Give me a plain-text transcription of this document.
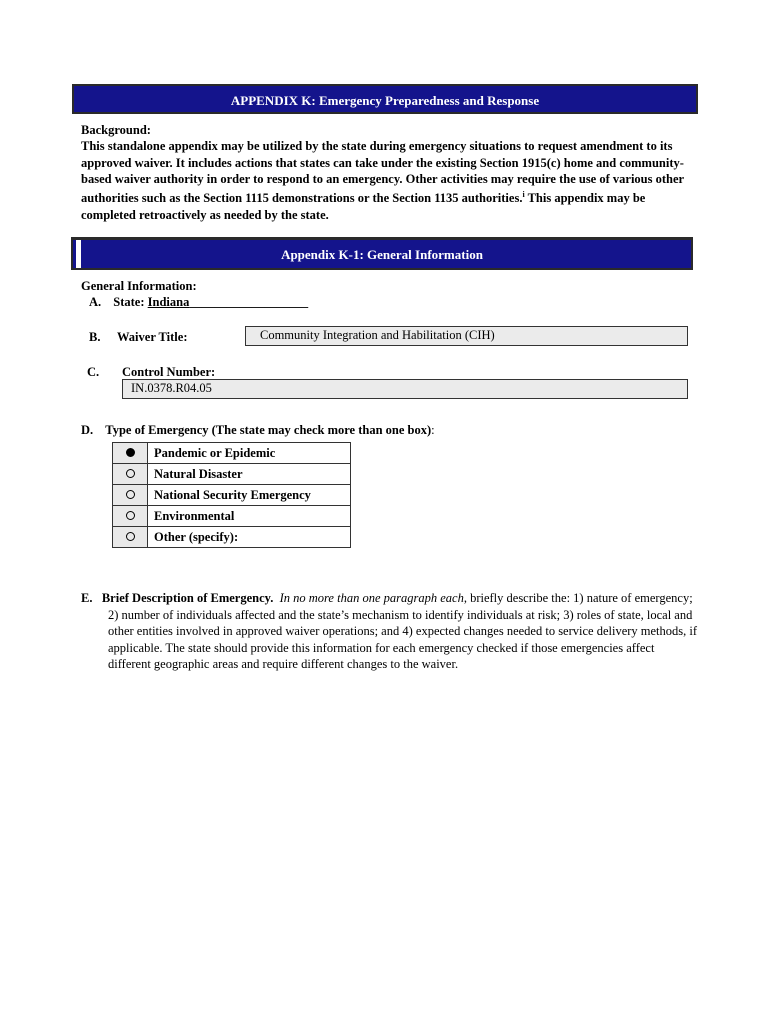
APPENDIX K: Emergency Preparedness and Response
Background:
This standalone appendix may be utilized by the state during emergency situations to request amendment to its approved waiver. It includes actions that states can take under the existing Section 1915(c) home and community-based waiver authority in order to respond to an emergency. Other activities may require the use of various other authorities such as the Section 1115 demonstrations or the Section 1135 authorities.$^i$ This appendix may be completed retroactively as needed by the state.
Appendix K-1: General Information
General Information:
A. State: Indiana___________________
B. Waiver Title:	Community Integration and Habilitation (CIH)
C. Control Number:
IN.0378.R04.05
D. Type of Emergency (The state may check more than one box):
	Pandemic or Epidemic
	Natural Disaster
	National Security Emergency
	Environmental
	Other (specify):
E. Brief Description of Emergency. In no more than one paragraph each, briefly describe the: 1) nature of emergency; 2) number of individuals affected and the state’s mechanism to identify individuals at risk; 3) roles of state, local and other entities involved in approved waiver operations; and 4) expected changes needed to service delivery methods, if applicable. The state should provide this information for each emergency checked if those emergencies affect different geographic areas and require different changes to the waiver.
